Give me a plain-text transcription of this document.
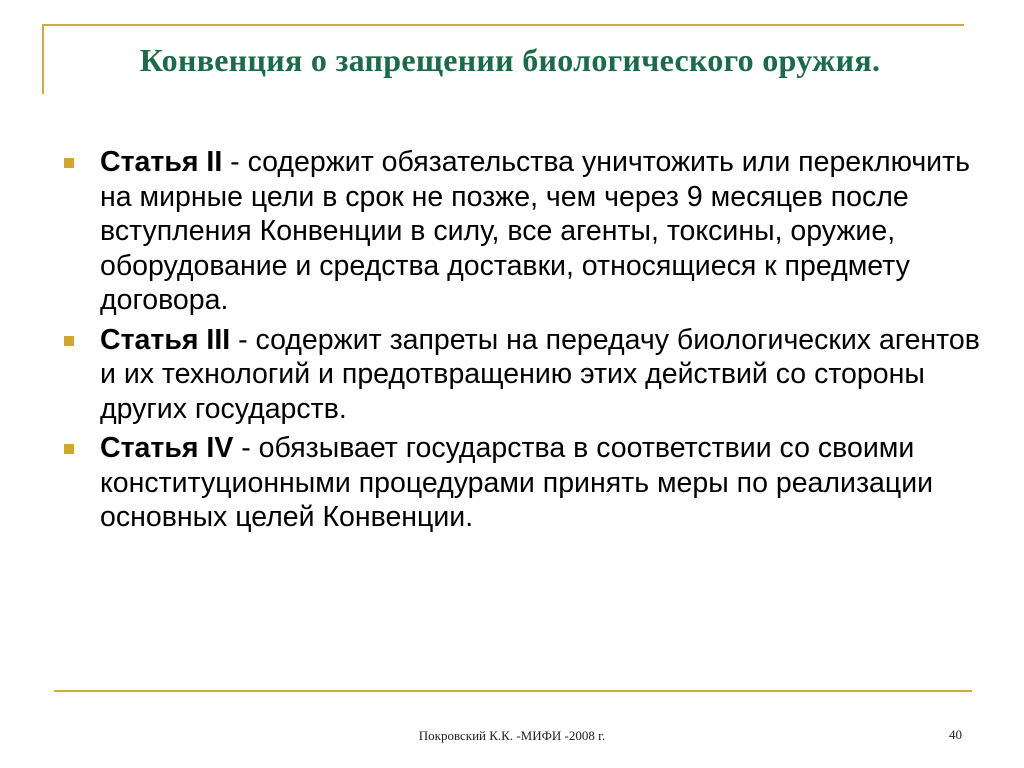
Конвенция о запрещении биологического оружия.
Статья II - содержит обязательства уничтожить или переключить на мирные цели в срок не позже, чем через 9 месяцев после вступления Конвенции в силу, все агенты, токсины, оружие, оборудование и средства доставки, относящиеся к предмету договора.
Статья III - содержит запреты на передачу биологических агентов и их технологий и предотвращению этих действий со стороны других государств.
Статья IV - обязывает государства в соответствии со своими конституционными процедурами принять меры по реализации основных целей Конвенции.
Покровский К.К. -МИФИ -2008 г.	40
